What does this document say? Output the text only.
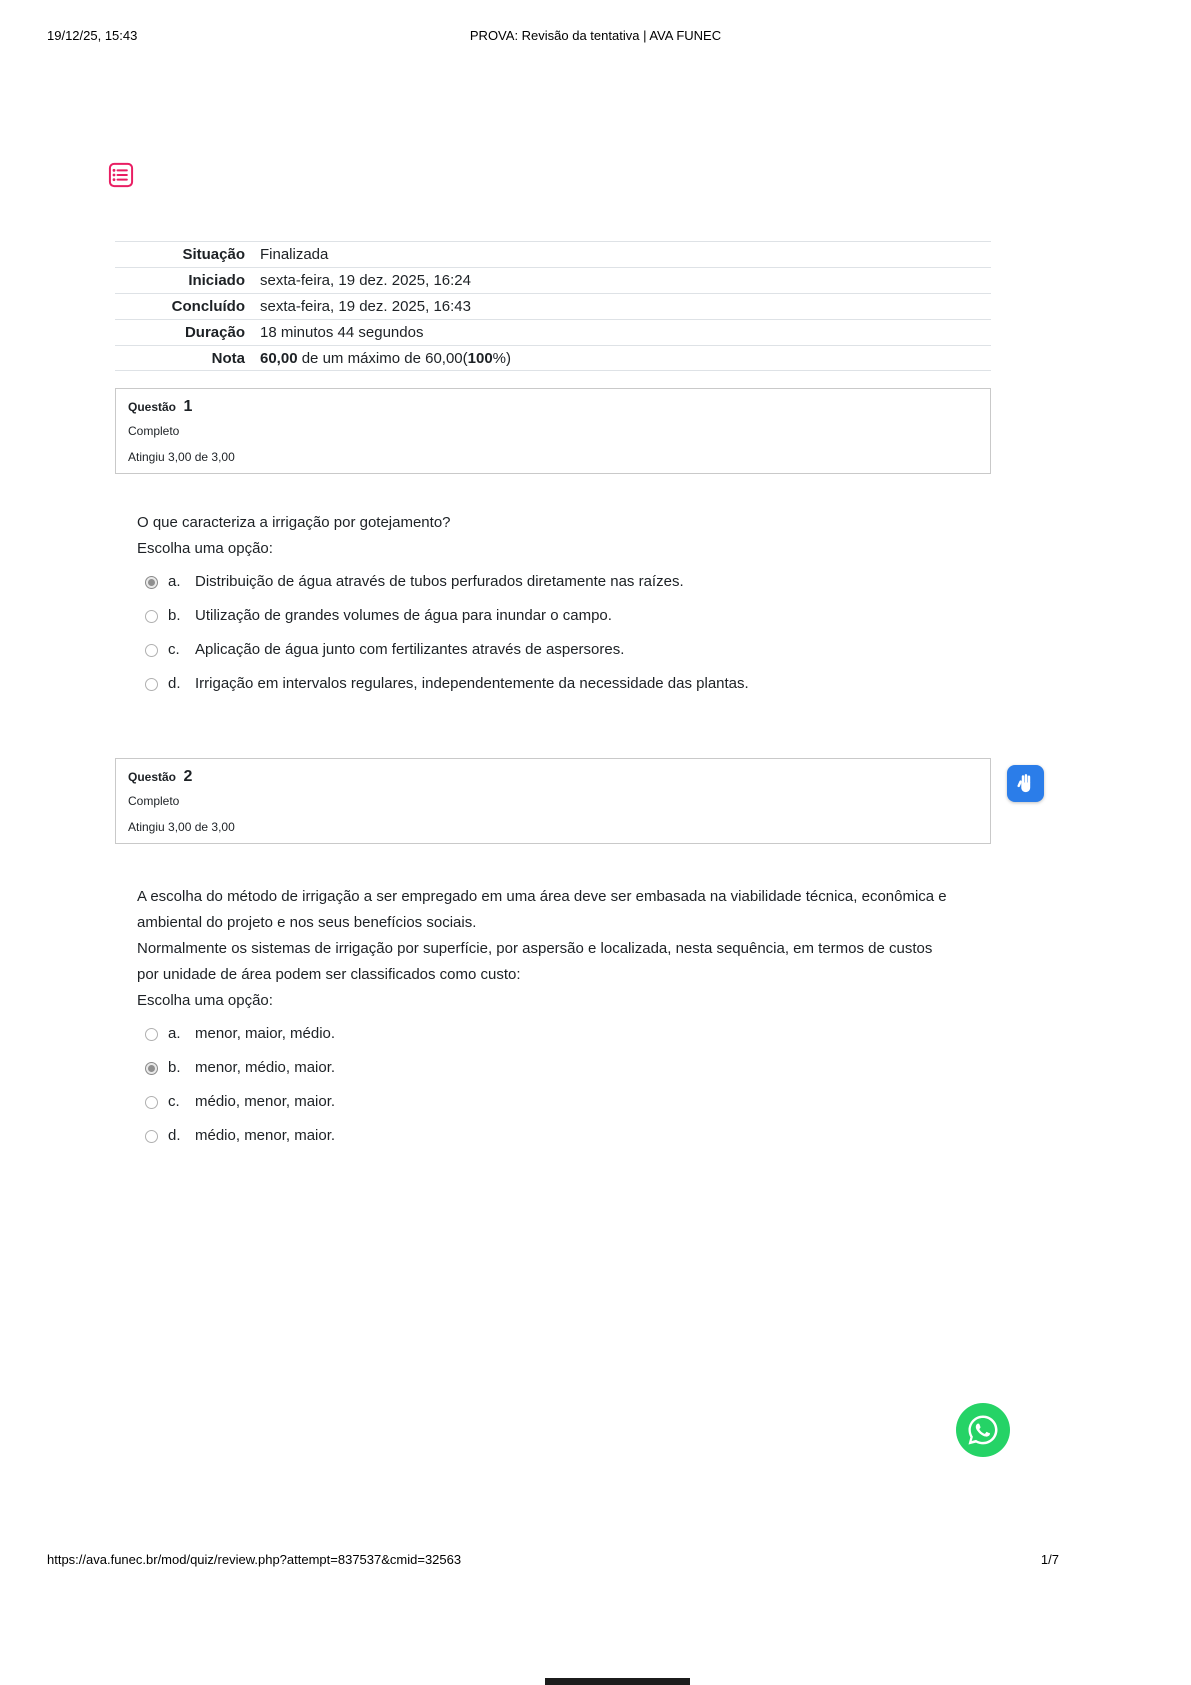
19/12/25, 15:43	PROVA: Revisão da tentativa | AVA FUNEC
Situação	Finalizada
Iniciado	sexta-feira, 19 dez. 2025, 16:24
Concluído	sexta-feira, 19 dez. 2025, 16:43
Duração	18 minutos 44 segundos
Nota	60,00 de um máximo de 60,00(100%)
Questão 1
Completo
Atingiu 3,00 de 3,00

O que caracteriza a irrigação por gotejamento?

Escolha uma opção:

a. Distribuição de água através de tubos perfurados diretamente nas raízes.
b. Utilização de grandes volumes de água para inundar o campo.
c.	Aplicação de água junto com fertilizantes através de aspersores.
d. Irrigação em intervalos regulares, independentemente da necessidade das plantas.
Questão 2
Completo
Atingiu 3,00 de 3,00

A escolha do método de irrigação a ser empregado em uma área deve ser embasada na viabilidade técnica, econômica e ambiental do projeto e nos seus benefícios sociais.

Normalmente os sistemas de irrigação por superfície, por aspersão e localizada, nesta sequência, em termos de custos por unidade de área podem ser classificados como custo:

Escolha uma opção:

a. menor, maior, médio.
b. menor, médio, maior.
c.	médio, menor, maior.
d. médio, menor, maior.
https://ava.funec.br/mod/quiz/review.php?attempt=837537&cmid=32563	1/7
